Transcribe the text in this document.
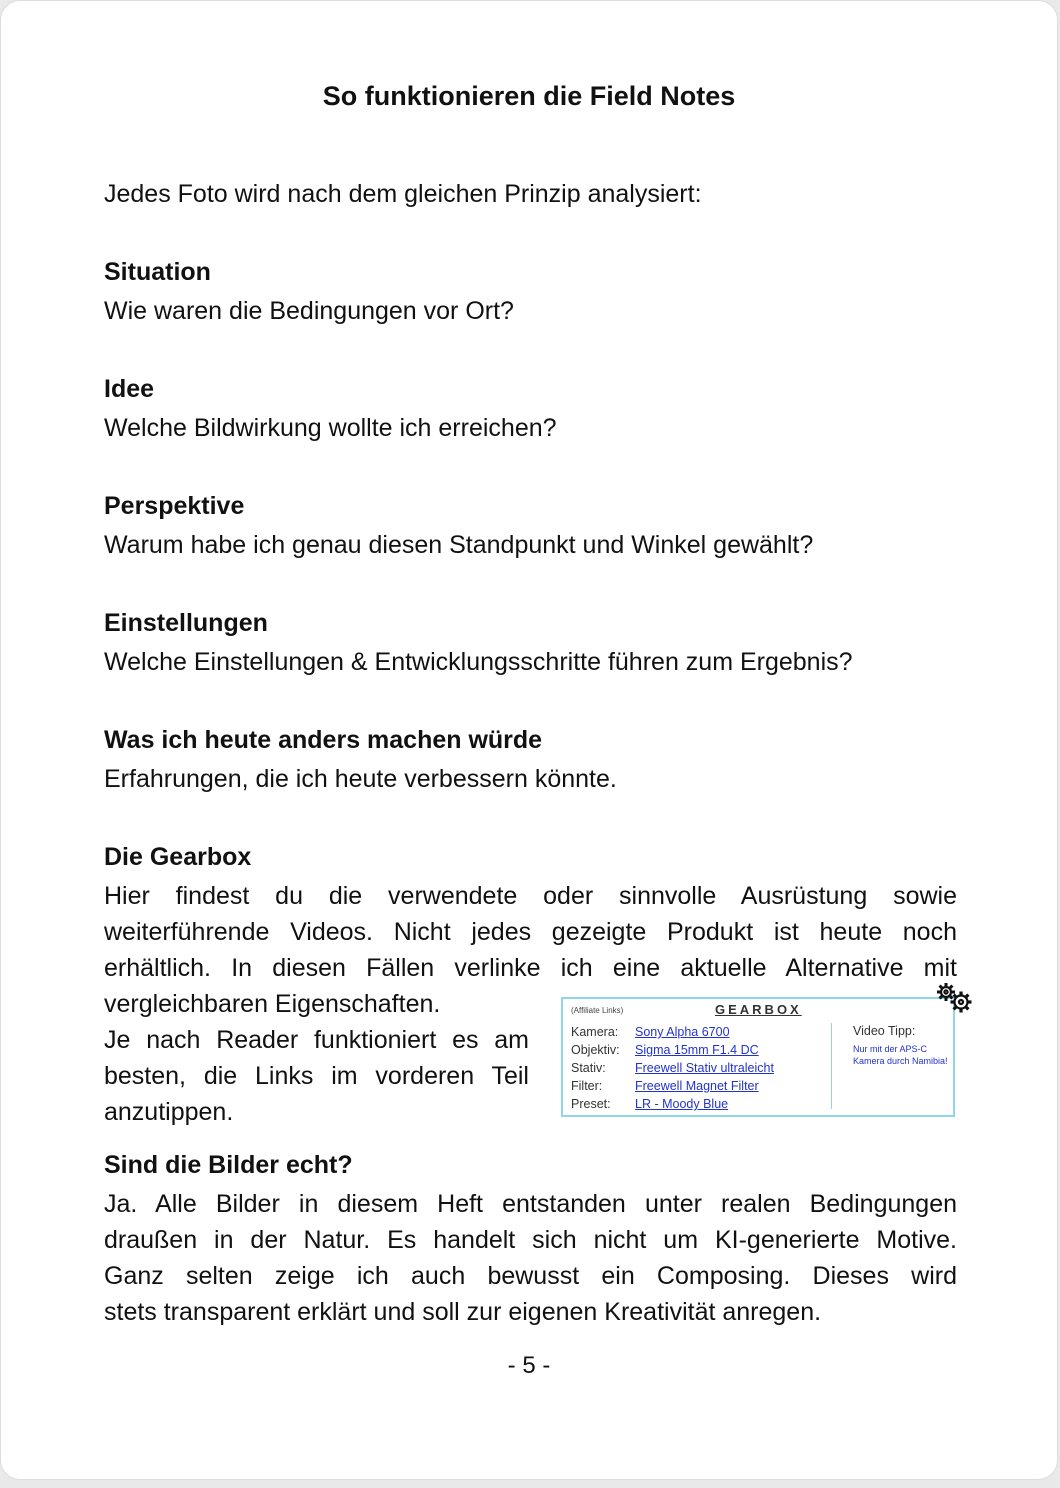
So funktionieren die Field Notes
Jedes Foto wird nach dem gleichen Prinzip analysiert:
Situation
Wie waren die Bedingungen vor Ort?
Idee
Welche Bildwirkung wollte ich erreichen?
Perspektive
Warum habe ich genau diesen Standpunkt und Winkel gewählt?
Einstellungen
Welche Einstellungen & Entwicklungsschritte führen zum Ergebnis?
Was ich heute anders machen würde
Erfahrungen, die ich heute verbessern könnte.
Die Gearbox
Hier findest du die verwendete oder sinnvolle Ausrüstung sowie
weiterführende Videos. Nicht jedes gezeigte Produkt ist heute noch
erhältlich. In diesen Fällen verlinke ich eine aktuelle Alternative mit
vergleichbaren Eigenschaften.
Je nach Reader funktioniert es am
besten, die Links im vorderen Teil
anzutippen.
(Affiliate Links)	GEARBOX
Kamera: Sony Alpha 6700
Objektiv: Sigma 15mm F1.4 DC
Stativ: Freewell Stativ ultraleicht
Filter:	Freewell Magnet Filter
Preset: LR - Moody Blue
Video Tipp:
Nur mit der APS-C Kamera durch Namibia!
Sind die Bilder echt?
Ja. Alle Bilder in diesem Heft entstanden unter realen Bedingungen
draußen in der Natur. Es handelt sich nicht um KI-generierte Motive.
Ganz selten zeige ich auch bewusst ein Composing. Dieses wird
stets transparent erklärt und soll zur eigenen Kreativität anregen.
- 5 -
